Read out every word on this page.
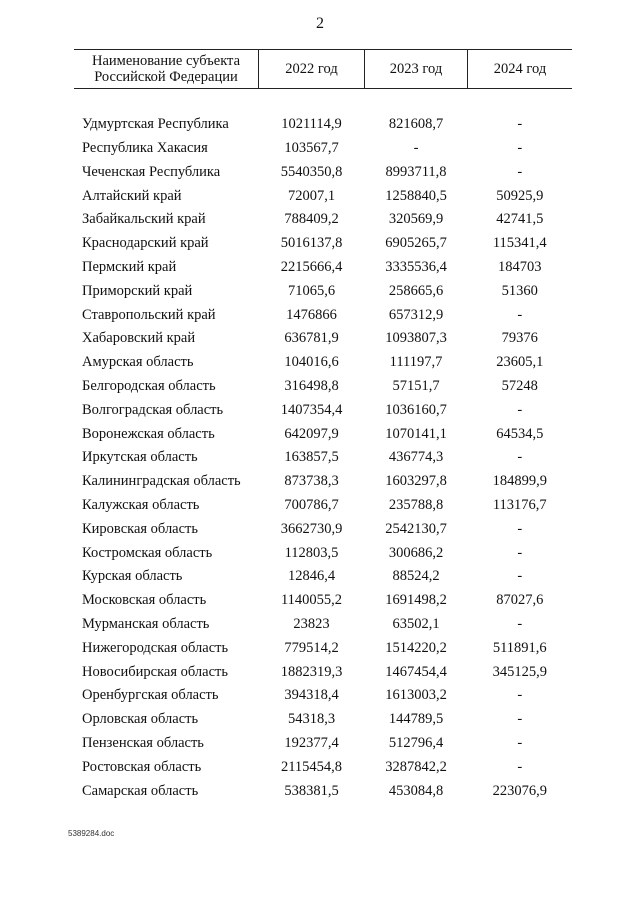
2
Наименование субъекта Российской Федерации	2022 год	2023 год	2024 год

Удмуртская Республика	1021114,9	821608,7	-
Республика Хакасия	103567,7	-	-
Чеченская Республика	5540350,8	8993711,8	-
Алтайский край	72007,1	1258840,5	50925,9
Забайкальский край	788409,2	320569,9	42741,5
Краснодарский край	5016137,8	6905265,7	115341,4
Пермский край	2215666,4	3335536,4	184703
Приморский край	71065,6	258665,6	51360
Ставропольский край	1476866	657312,9	-
Хабаровский край	636781,9	1093807,3	79376
Амурская область	104016,6	111197,7	23605,1
Белгородская область	316498,8	57151,7	57248
Волгоградская область	1407354,4	1036160,7	-
Воронежская область	642097,9	1070141,1	64534,5
Иркутская область	163857,5	436774,3	-
Калининградская область	873738,3	1603297,8	184899,9
Калужская область	700786,7	235788,8	113176,7
Кировская область	3662730,9	2542130,7	-
Костромская область	112803,5	300686,2	-
Курская область	12846,4	88524,2	-
Московская область	1140055,2	1691498,2	87027,6
Мурманская область	23823	63502,1	-
Нижегородская область	779514,2	1514220,2	511891,6
Новосибирская область	1882319,3	1467454,4	345125,9
Оренбургская область	394318,4	1613003,2	-
Орловская область	54318,3	144789,5	-
Пензенская область	192377,4	512796,4	-
Ростовская область	2115454,8	3287842,2	-
Самарская область	538381,5	453084,8	223076,9
5389284.doc
